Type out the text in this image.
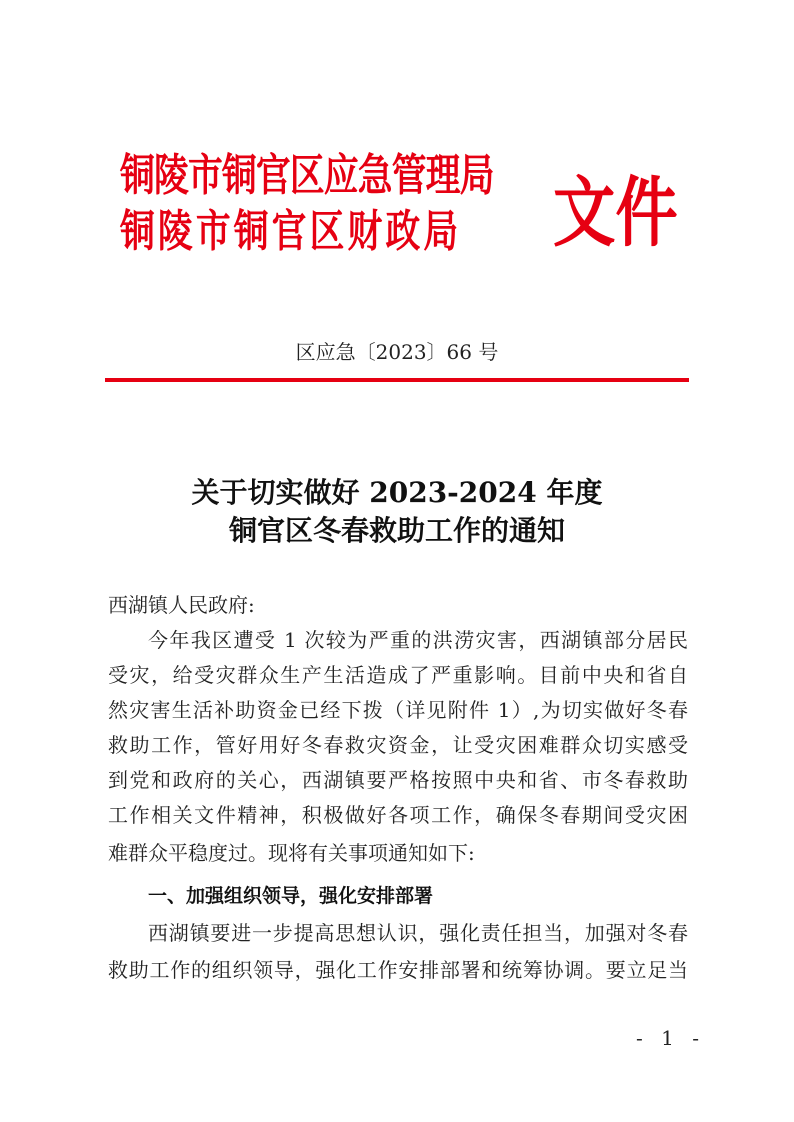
铜陵市铜官区应急管理局
铜陵市铜官区财政局 文件
区应急〔2023〕66 号
关于切实做好 2023-2024 年度
铜官区冬春救助工作的通知
西湖镇人民政府:
今年我区遭受 1 次较为严重的洪涝灾害，西湖镇部分居民
受灾，给受灾群众生产生活造成了严重影响。目前中央和省自
然灾害生活补助资金已经下拨（详见附件 1）,为切实做好冬春
救助工作，管好用好冬春救灾资金，让受灾困难群众切实感受
到党和政府的关心，西湖镇要严格按照中央和省、市冬春救助
工作相关文件精神，积极做好各项工作，确保冬春期间受灾困
难群众平稳度过。现将有关事项通知如下:
一、加强组织领导，强化安排部署
西湖镇要进一步提高思想认识，强化责任担当，加强对冬春
救助工作的组织领导，强化工作安排部署和统筹协调。要立足当
- 1 -
